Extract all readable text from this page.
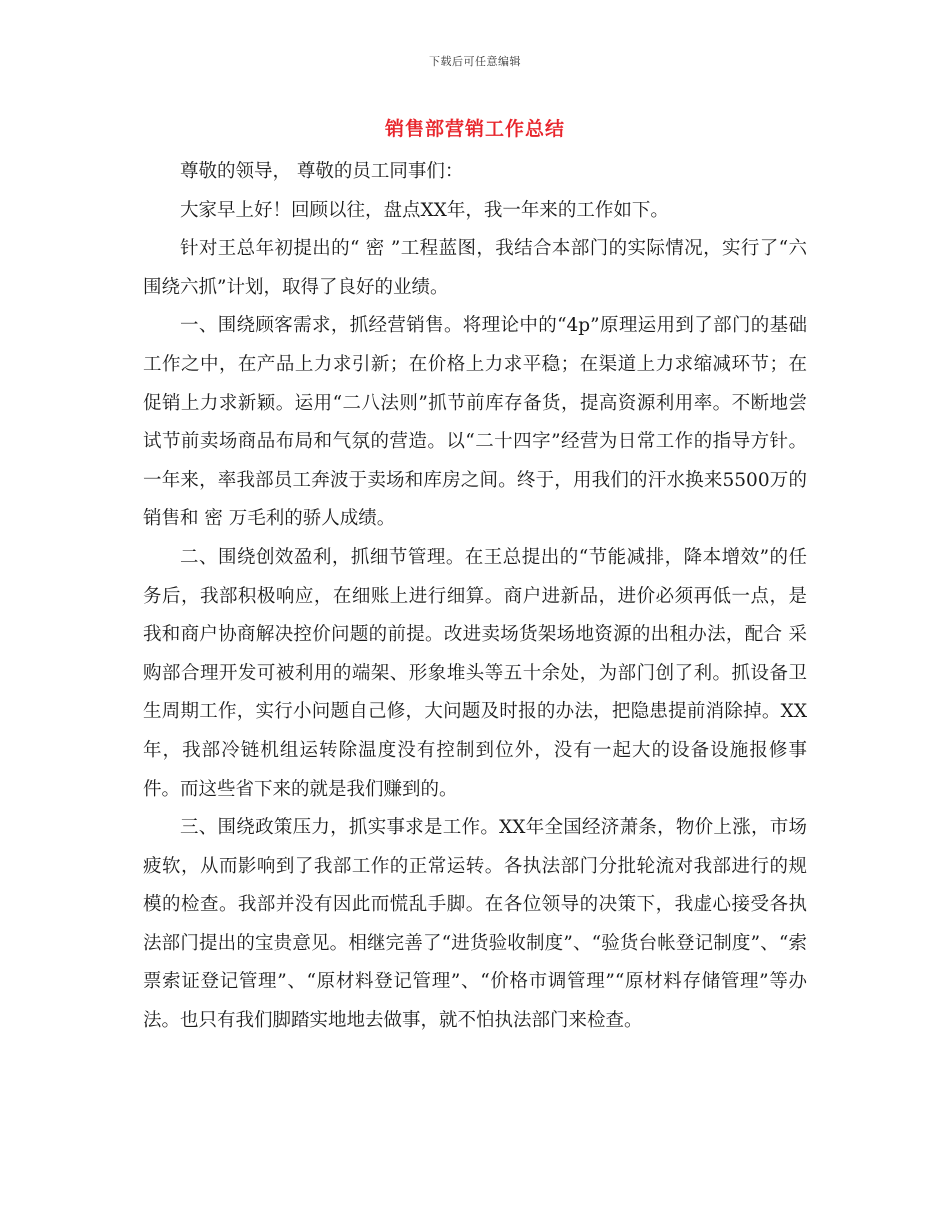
下载后可任意编辑
销售部营销工作总结

尊敬的领导， 尊敬的员工同事们：

大家早上好！回顾以往，盘点XX年，我一年来的工作如下。

针对王总年初提出的“ 密 ”工程蓝图，我结合本部门的实际情况，实行了“六围绕六抓”计划，取得了良好的业绩。

一、围绕顾客需求，抓经营销售。将理论中的“4p”原理运用到了部门的基础工作之中，在产品上力求引新；在价格上力求平稳；在渠道上力求缩减环节；在促销上力求新颖。运用“二八法则”抓节前库存备货，提高资源利用率。不断地尝试节前卖场商品布局和气氛的营造。以“二十四字”经营为日常工作的指导方针。一年来，率我部员工奔波于卖场和库房之间。终于，用我们的汗水换来5500万的销售和 密 万毛利的骄人成绩。

二、围绕创效盈利，抓细节管理。在王总提出的“节能减排，降本增效”的任务后，我部积极响应，在细账上进行细算。商户进新品，进价必须再低一点，是我和商户协商解决控价问题的前提。改进卖场货架场地资源的出租办法，配合 采购部合理开发可被利用的端架、形象堆头等五十余处，为部门创了利。抓设备卫生周期工作，实行小问题自己修，大问题及时报的办法，把隐患提前消除掉。XX年，我部冷链机组运转除温度没有控制到位外，没有一起大的设备设施报修事件。而这些省下来的就是我们赚到的。

三、围绕政策压力，抓实事求是工作。XX年全国经济萧条，物价上涨，市场疲软，从而影响到了我部工作的正常运转。各执法部门分批轮流对我部进行的规模的检查。我部并没有因此而慌乱手脚。在各位领导的决策下，我虚心接受各执法部门提出的宝贵意见。相继完善了“进货验收制度”、“验货台帐登记制度”、“索票索证登记管理”、“原材料登记管理”、“价格市调管理”“原材料存储管理”等办法。也只有我们脚踏实地地去做事，就不怕执法部门来检查。
